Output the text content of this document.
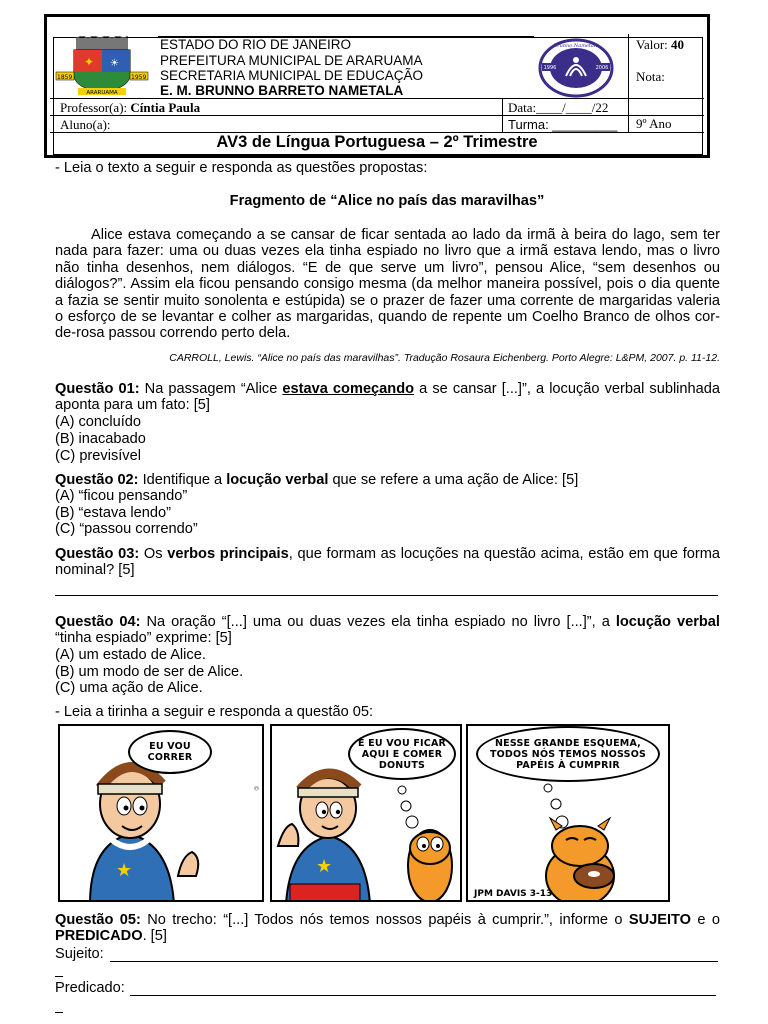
✦ ☀
1859	1959
ARARUAMA
ESTADO DO RIO DE JANEIRO
PREFEITURA MUNICIPAL DE ARARUAMA
SECRETARIA MUNICIPAL DE EDUCAÇÃO
E. M. BRUNNO BARRETO NAMETALA
1996	2006
Brunno Nametala	Valor: 40
Nota:
Professor(a): Cíntia Paula	Data:____/____/22
Aluno(a):	Turma: _________ 9º Ano
AV3 de Língua Portuguesa – 2º Trimestre
- Leia o texto a seguir e responda as questões propostas:
Fragmento de “Alice no país das maravilhas”
Alice estava começando a se cansar de ficar sentada ao lado da irmã à beira do lago, sem ter nada para fazer: uma ou duas vezes ela tinha espiado no livro que a irmã estava lendo, mas o livro não tinha desenhos, nem diálogos. “E de que serve um livro”, pensou Alice, “sem desenhos ou diálogos?”. Assim ela ficou pensando consigo mesma (da melhor maneira possível, pois o dia quente a fazia se sentir muito sonolenta e estúpida) se o prazer de fazer uma corrente de margaridas valeria o esforço de se levantar e colher as margaridas, quando de repente um Coelho Branco de olhos cor-de-rosa passou correndo perto dela.
CARROLL, Lewis. “Alice no país das maravilhas”. Tradução Rosaura Eichenberg. Porto Alegre: L&PM, 2007. p. 11-12.
Questão 01: Na passagem “Alice estava começando a se cansar [...]”, a locução verbal sublinhada aponta para um fato: [5]
(A) concluído
(B) inacabado
(C) previsível
Questão 02: Identifique a locução verbal que se refere a uma ação de Alice: [5]
(A) “ficou pensando”
(B) “estava lendo”
(C) “passou correndo”
Questão 03: Os verbos principais, que formam as locuções na questão acima, estão em que forma nominal? [5]
Questão 04: Na oração “[...] uma ou duas vezes ela tinha espiado no livro [...]”, a locução verbal “tinha espiado” exprime: [5]
(A) um estado de Alice.
(B) um modo de ser de Alice.
(C) uma ação de Alice.
- Leia a tirinha a seguir e responda a questão 05:
★
EU VOU CORRER
©
★
E EU VOU FICAR AQUI E COMER DONUTS
JPM DAVIS 3-13
NESSE GRANDE ESQUEMA, TODOS NÓS TEMOS NOSSOS PAPÉIS À CUMPRIR
Questão 05: No trecho: “[...] Todos nós temos nossos papéis à cumprir.”, informe o SUJEITO e o PREDICADO. [5]
Sujeito:
Predicado:
